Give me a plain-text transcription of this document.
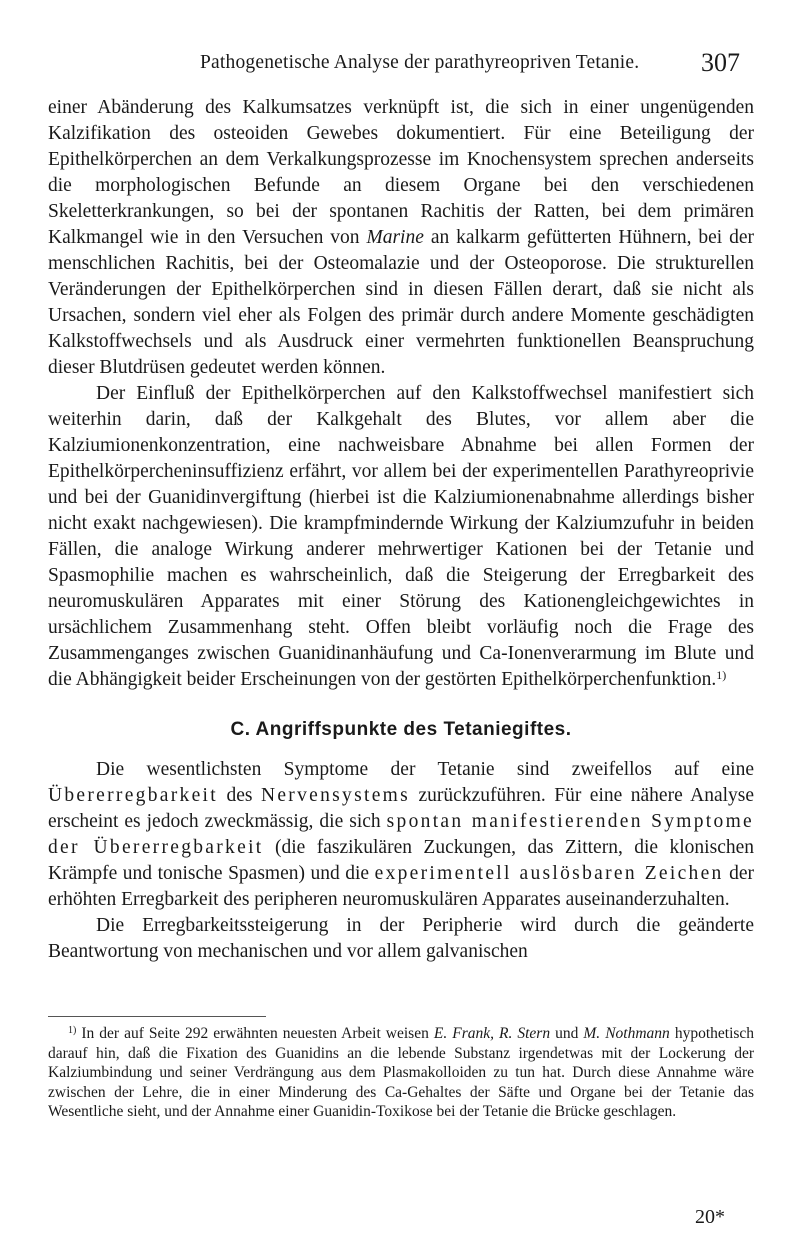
Pathogenetische Analyse der parathyreopriven Tetanie.	307

einer Abänderung des Kalkumsatzes verknüpft ist, die sich in einer ungenügenden Kalzifikation des osteoiden Gewebes dokumentiert. Für eine Beteiligung der Epithelkörperchen an dem Verkalkungsprozesse im Knochensystem sprechen anderseits die morphologischen Befunde an diesem Organe bei den verschiedenen Skeletterkrankungen, so bei der spontanen Rachitis der Ratten, bei dem primären Kalkmangel wie in den Versuchen von Marine an kalkarm gefütterten Hühnern, bei der menschlichen Rachitis, bei der Osteomalazie und der Osteoporose. Die strukturellen Veränderungen der Epithelkörperchen sind in diesen Fällen derart, daß sie nicht als Ursachen, sondern viel eher als Folgen des primär durch andere Momente geschädigten Kalkstoffwechsels und als Ausdruck einer vermehrten funktionellen Beanspruchung dieser Blutdrüsen gedeutet werden können.

Der Einfluß der Epithelkörperchen auf den Kalkstoffwechsel manifestiert sich weiterhin darin, daß der Kalkgehalt des Blutes, vor allem aber die Kalziumionenkonzentration, eine nachweisbare Abnahme bei allen Formen der Epithelkörpercheninsuffizienz erfährt, vor allem bei der experimentellen Parathyreoprivie und bei der Guanidinvergiftung (hierbei ist die Kalziumionenabnahme allerdings bisher nicht exakt nachgewiesen). Die krampfmindernde Wirkung der Kalziumzufuhr in beiden Fällen, die analoge Wirkung anderer mehrwertiger Kationen bei der Tetanie und Spasmophilie machen es wahrscheinlich, daß die Steigerung der Erregbarkeit des neuromuskulären Apparates mit einer Störung des Kationengleichgewichtes in ursächlichem Zusammenhang steht. Offen bleibt vorläufig noch die Frage des Zusammenganges zwischen Guanidinanhäufung und Ca-Ionenverarmung im Blute und die Abhängigkeit beider Erscheinungen von der gestörten Epithelkörperchenfunktion.$^{1)}$

C. Angriffspunkte des Tetaniegiftes.

Die wesentlichsten Symptome der Tetanie sind zweifellos auf eine Übererregbarkeit des Nervensystems zurückzuführen. Für eine nähere Analyse erscheint es jedoch zweckmässig, die sich spontan manifestierenden Symptome der Übererregbarkeit (die faszikulären Zuckungen, das Zittern, die klonischen Krämpfe und tonische Spasmen) und die experimentell auslösbaren Zeichen der erhöhten Erregbarkeit des peripheren neuromuskulären Apparates auseinanderzuhalten.

Die Erregbarkeitssteigerung in der Peripherie wird durch die geänderte Beantwortung von mechanischen und vor allem galvanischen

$^{1)}$ In der auf Seite 292 erwähnten neuesten Arbeit weisen E. Frank, R. Stern und M. Nothmann hypothetisch darauf hin, daß die Fixation des Guanidins an die lebende Substanz irgendetwas mit der Lockerung der Kalziumbindung und seiner Verdrängung aus dem Plasmakolloiden zu tun hat. Durch diese Annahme wäre zwischen der Lehre, die in einer Minderung des Ca-Gehaltes der Säfte und Organe bei der Tetanie das Wesentliche sieht, und der Annahme einer Guanidin-Toxikose bei der Tetanie die Brücke geschlagen.

20*
